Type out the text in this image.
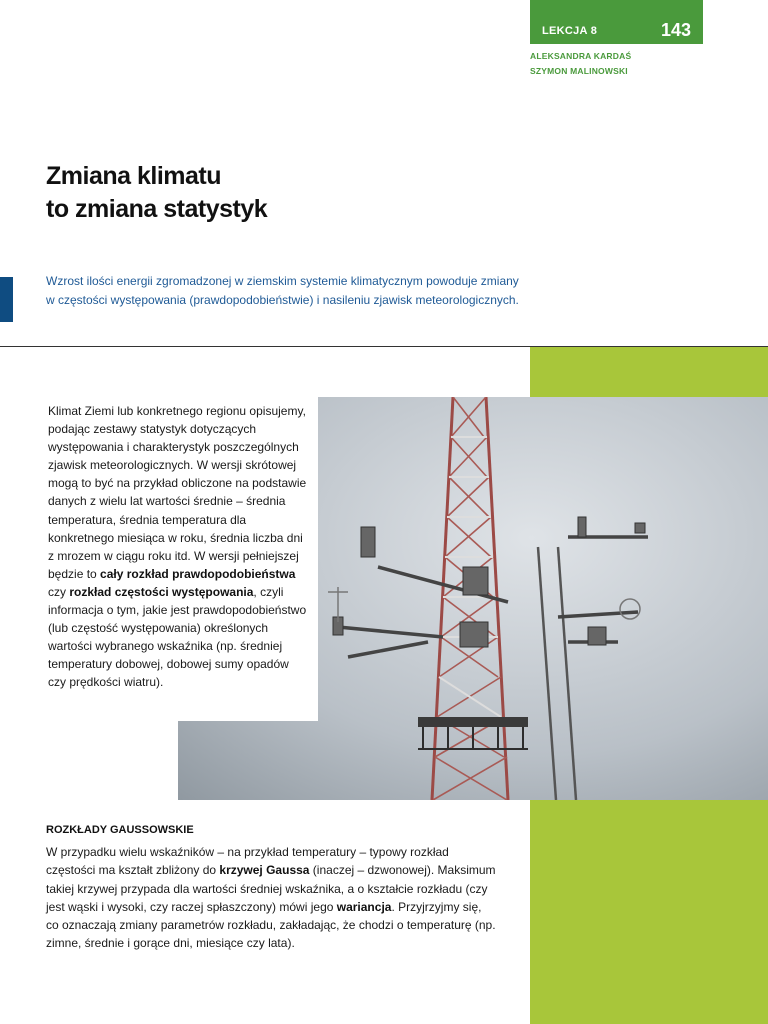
LEKCJA 8	143
ALEKSANDRA KARDAŚ
SZYMON MALINOWSKI
Zmiana klimatu
to zmiana statystyk
Wzrost ilości energii zgromadzonej w ziemskim systemie klimatycznym powoduje zmiany w częstości występowania (prawdopodobieństwie) i nasileniu zjawisk meteorologicznych.

Klimat Ziemi lub konkretnego regionu opisujemy, podając zestawy statystyk dotyczących występowania i charakterystyk poszczególnych zjawisk meteorologicznych. W wersji skrótowej mogą to być na przykład obliczone na podstawie danych z wielu lat wartości średnie – średnia temperatura, średnia temperatura dla konkretnego miesiąca w roku, średnia liczba dni z mrozem w ciągu roku itd. W wersji pełniejszej będzie to cały rozkład prawdopodobieństwa czy rozkład częstości występowania, czyli informacja o tym, jakie jest prawdopodobieństwo (lub częstość występowania) określonych wartości wybranego wskaźnika (np. średniej temperatury dobowej, dobowej sumy opadów czy prędkości wiatru).

ROZKŁADY GAUSSOWSKIE

W przypadku wielu wskaźników – na przykład temperatury – typowy rozkład częstości ma kształt zbliżony do krzywej Gaussa (inaczej – dzwonowej). Maksimum takiej krzywej przypada dla wartości średniej wskaźnika, a o kształcie rozkładu (czy jest wąski i wysoki, czy raczej spłaszczony) mówi jego wariancja. Przyjrzyjmy się, co oznaczają zmiany parametrów rozkładu, zakładając, że chodzi o temperaturę (np. zimne, średnie i gorące dni, miesiące czy lata).
